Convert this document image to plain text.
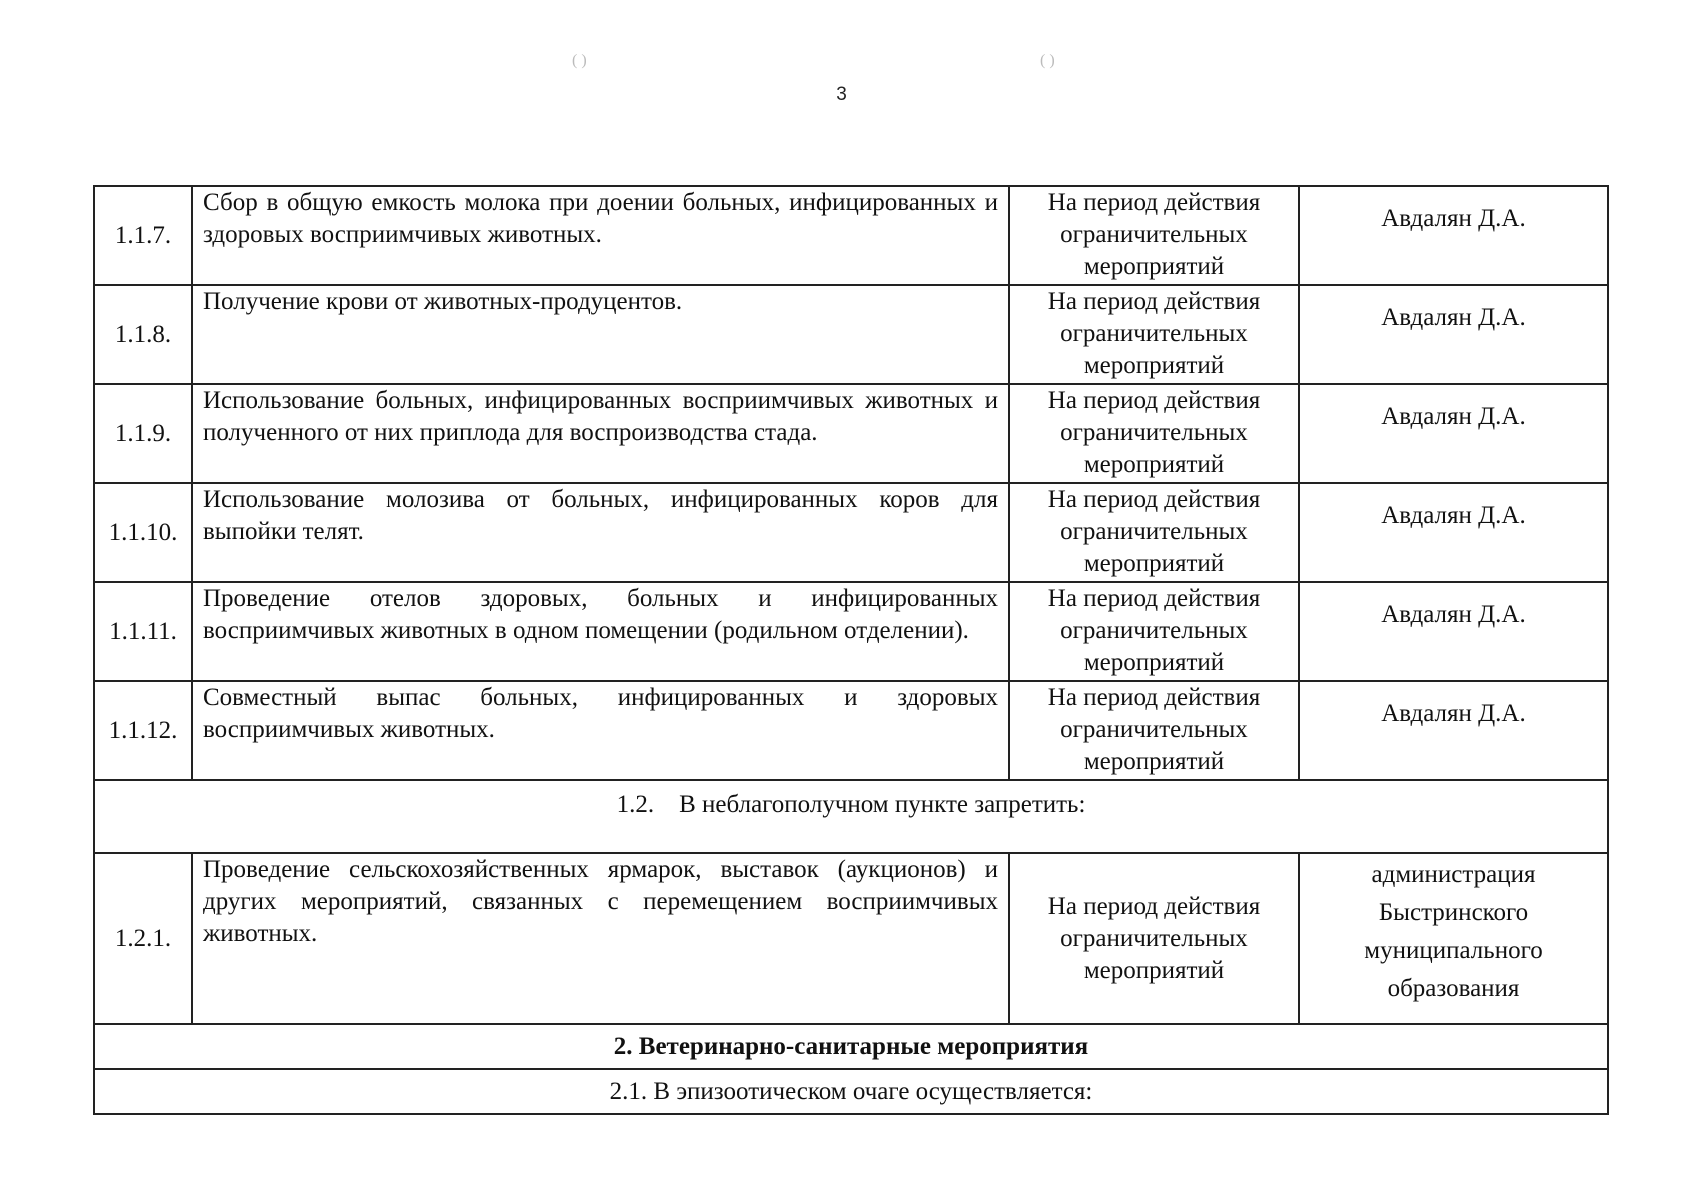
3
( )	( )
1.1.7.	Сбор в общую емкость молока при доении больных, инфицированных и здоровых восприимчивых животных.	На период действия
ограничительных
мероприятий	Авдалян Д.А.
1.1.8.	Получение крови от животных-продуцентов.	На период действия
ограничительных
мероприятий	Авдалян Д.А.
1.1.9.	Использование больных, инфицированных восприимчивых животных и полученного от них приплода для воспроизводства стада.	На период действия
ограничительных
мероприятий	Авдалян Д.А.
1.1.10.	Использование молозива от больных, инфицированных коров для выпойки телят.	На период действия
ограничительных
мероприятий	Авдалян Д.А.
1.1.11.	Проведение отелов здоровых, больных и инфицированных восприимчивых животных в одном помещении (родильном отделении).	На период действия
ограничительных
мероприятий	Авдалян Д.А.
1.1.12.	Совместный выпас больных, инфицированных и здоровых восприимчивых животных.	На период действия
ограничительных
мероприятий	Авдалян Д.А.
1.2.    В неблагополучном пункте запретить:			
1.2.1.	Проведение сельскохозяйственных ярмарок, выставок (аукционов) и других мероприятий, связанных с перемещением восприимчивых животных.	На период действия
ограничительных
мероприятий	администрация
Быстринского
муниципального
образования

2. Ветеринарно-санитарные мероприятия			
2.1. В эпизоотическом очаге осуществляется:			
